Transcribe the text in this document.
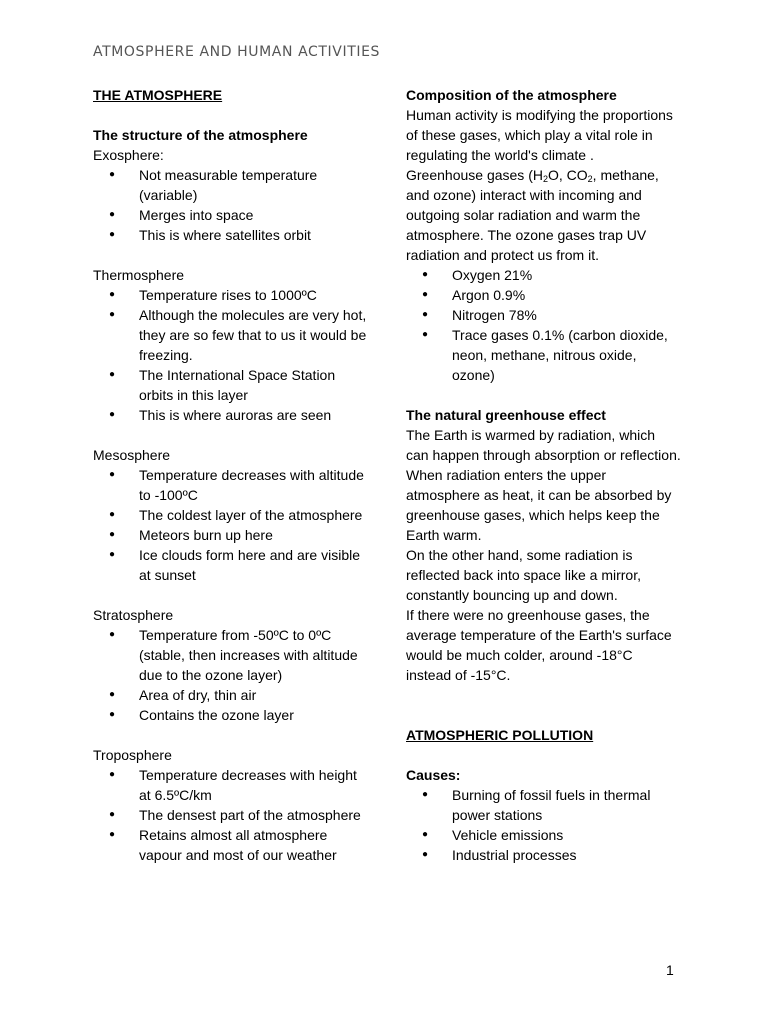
ATMOSPHERE AND HUMAN ACTIVITIES
THE ATMOSPHERE
The structure of the atmosphere
Exosphere:
● Not measurable temperature (variable)
● Merges into space
● This is where satellites orbit
Thermosphere
● Temperature rises to 1000ºC
● Although the molecules are very hot, they are so few that to us it would be freezing.
● The International Space Station orbits in this layer
● This is where auroras are seen
Mesosphere
● Temperature decreases with altitude to -100ºC
● The coldest layer of the atmosphere
● Meteors burn up here
● Ice clouds form here and are visible at sunset
Stratosphere
● Temperature from -50ºC to 0ºC (stable, then increases with altitude due to the ozone layer)
● Area of dry, thin air
● Contains the ozone layer
Troposphere
● Temperature decreases with height at 6.5ºC/km
● The densest part of the atmosphere
● Retains almost all atmosphere vapour and most of our weather
Composition of the atmosphere
Human activity is modifying the proportions of these gases, which play a vital role in regulating the world's climate .
Greenhouse gases ($H_2O$, $CO_2$, methane, and ozone) interact with incoming and outgoing solar radiation and warm the atmosphere. The ozone gases trap UV radiation and protect us from it.
● Oxygen 21%
● Argon 0.9%
● Nitrogen 78%
● Trace gases 0.1% (carbon dioxide, neon, methane, nitrous oxide, ozone)
The natural greenhouse effect
The Earth is warmed by radiation, which can happen through absorption or reflection. When radiation enters the upper atmosphere as heat, it can be absorbed by greenhouse gases, which helps keep the Earth warm.
On the other hand, some radiation is reflected back into space like a mirror, constantly bouncing up and down.
If there were no greenhouse gases, the average temperature of the Earth's surface would be much colder, around -18°C instead of -15°C.
ATMOSPHERIC POLLUTION
Causes:
● Burning of fossil fuels in thermal power stations
● Vehicle emissions
● Industrial processes
1
